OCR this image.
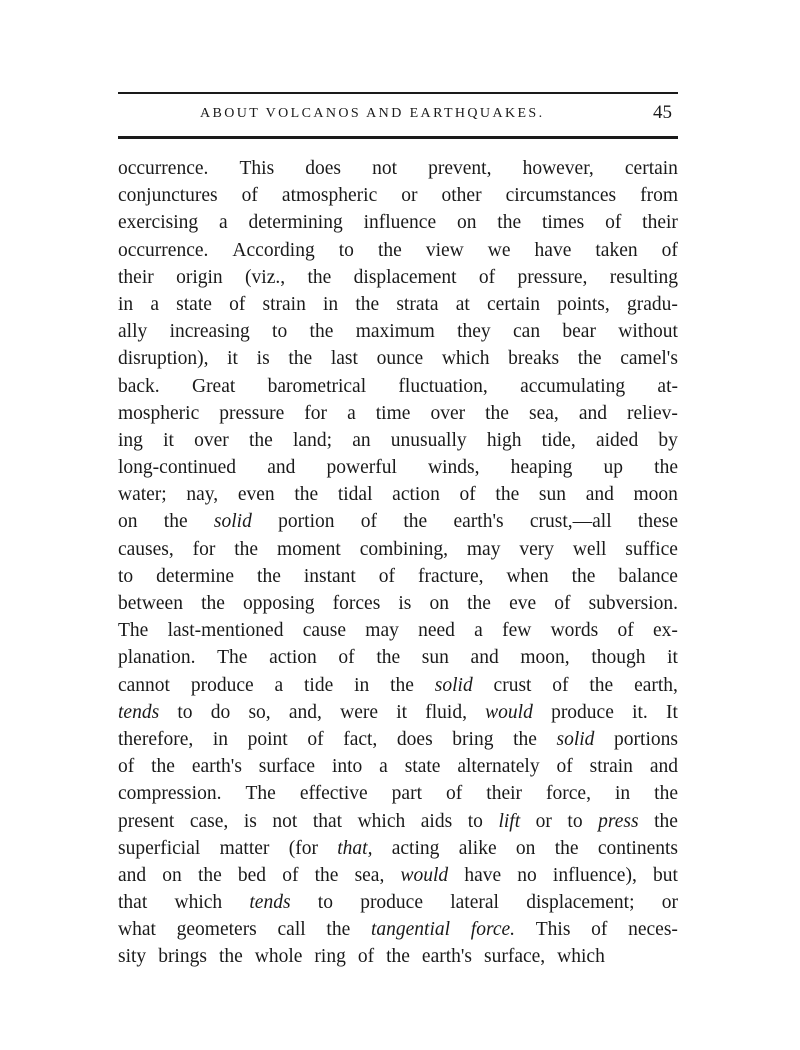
ABOUT VOLCANOS AND EARTHQUAKES.	45
occurrence. This does not prevent, however, certain
conjunctures of atmospheric or other circumstances from
exercising a determining influence on the times of their
occurrence. According to the view we have taken of
their origin (viz., the displacement of pressure, resulting
in a state of strain in the strata at certain points, gradu-
ally increasing to the maximum they can bear without
disruption), it is the last ounce which breaks the camel's
back. Great barometrical fluctuation, accumulating at-
mospheric pressure for a time over the sea, and reliev-
ing it over the land; an unusually high tide, aided by
long-continued and powerful winds, heaping up the
water; nay, even the tidal action of the sun and moon
on the solid portion of the earth's crust,—all these
causes, for the moment combining, may very well suffice
to determine the instant of fracture, when the balance
between the opposing forces is on the eve of subversion.
The last-mentioned cause may need a few words of ex-
planation. The action of the sun and moon, though it
cannot produce a tide in the solid crust of the earth,
tends to do so, and, were it fluid, would produce it. It
therefore, in point of fact, does bring the solid portions
of the earth's surface into a state alternately of strain and
compression. The effective part of their force, in the
present case, is not that which aids to lift or to press the
superficial matter (for that, acting alike on the continents
and on the bed of the sea, would have no influence), but
that which tends to produce lateral displacement; or
what geometers call the tangential force. This of neces-
sity brings the whole ring of the earth's surface, which
